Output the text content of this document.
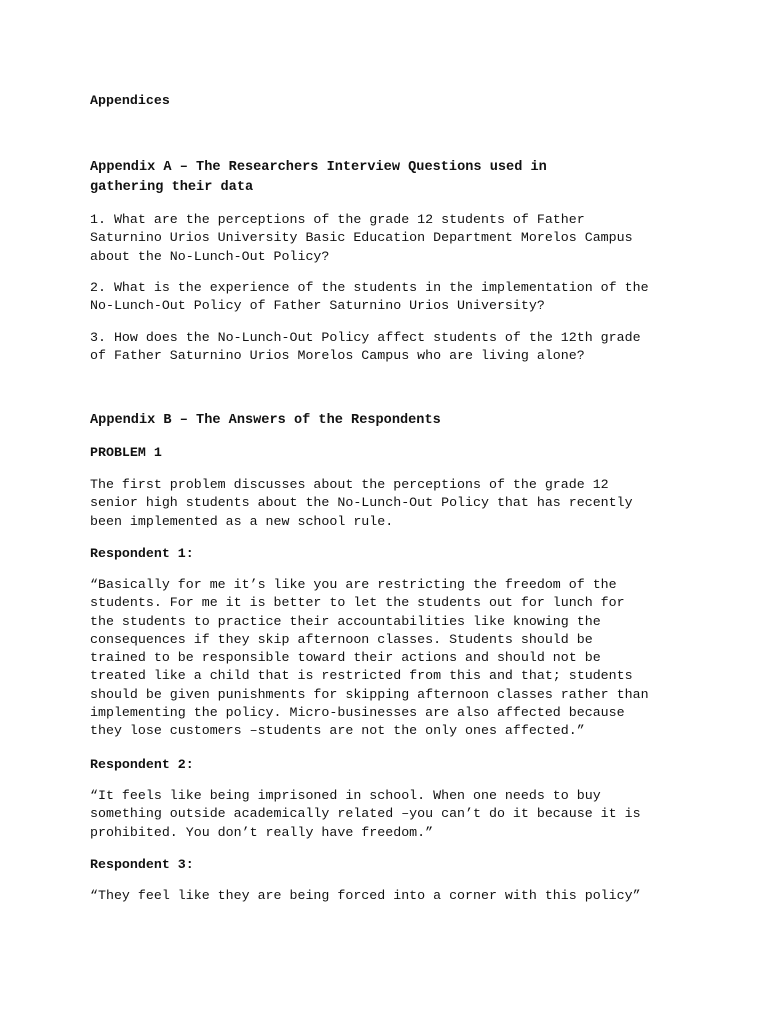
Appendices

Appendix A – The Researchers Interview Questions used in
gathering their data

1. What are the perceptions of the grade 12 students of Father
Saturnino Urios University Basic Education Department Morelos Campus
about the No-Lunch-Out Policy?

2. What is the experience of the students in the implementation of the
No-Lunch-Out Policy of Father Saturnino Urios University?

3. How does the No-Lunch-Out Policy affect students of the 12th grade
of Father Saturnino Urios Morelos Campus who are living alone?

Appendix B – The Answers of the Respondents

PROBLEM 1

The first problem discusses about the perceptions of the grade 12
senior high students about the No-Lunch-Out Policy that has recently
been implemented as a new school rule.

Respondent 1:

“Basically for me it’s like you are restricting the freedom of the
students. For me it is better to let the students out for lunch for
the students to practice their accountabilities like knowing the
consequences if they skip afternoon classes. Students should be
trained to be responsible toward their actions and should not be
treated like a child that is restricted from this and that; students
should be given punishments for skipping afternoon classes rather than
implementing the policy. Micro-businesses are also affected because
they lose customers –students are not the only ones affected.”

Respondent 2:

“It feels like being imprisoned in school. When one needs to buy
something outside academically related –you can’t do it because it is
prohibited. You don’t really have freedom.”

Respondent 3:

“They feel like they are being forced into a corner with this policy”
